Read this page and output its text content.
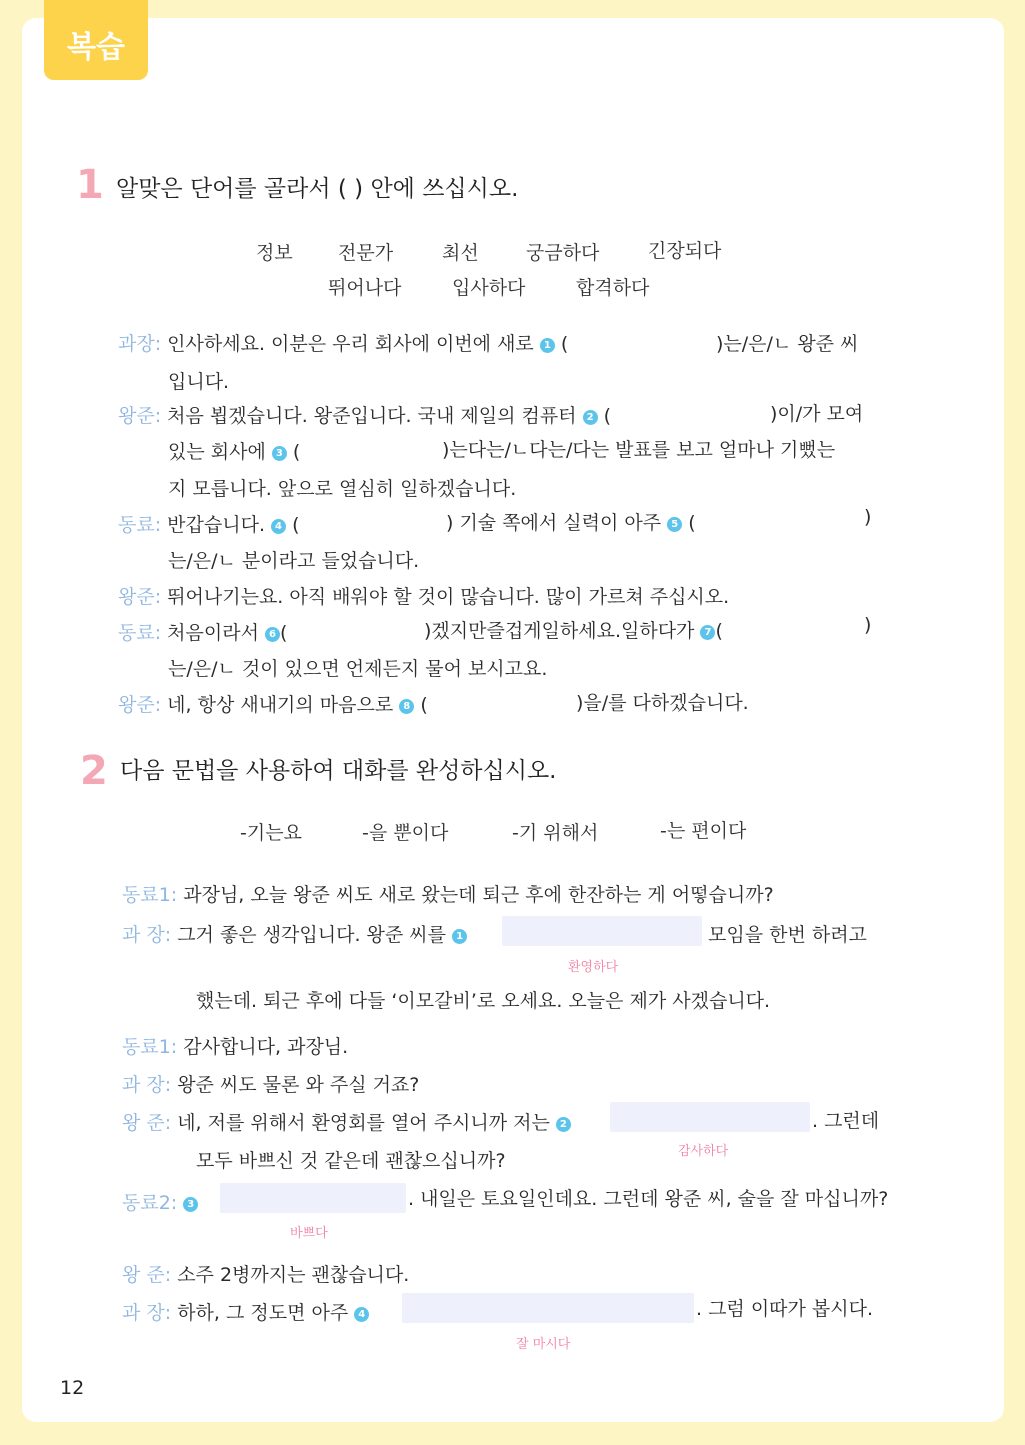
복습
1 알맞은 단어를 골라서 ( ) 안에 쓰십시오.
정보 전문가	최선 궁금하다	긴장되다
뛰어나다	입사하다	합격하다
과장: 인사하세요. 이분은 우리 회사에 이번에 새로 1 (	)는/은/ㄴ 왕준 씨
입니다.
왕준: 처음 뵙겠습니다. 왕준입니다. 국내 제일의 컴퓨터 2 (	)이/가 모여
있는 회사에 3 (	)는다는/ㄴ다는/다는 발표를 보고 얼마나 기뻤는
지 모릅니다. 앞으로 열심히 일하겠습니다.
동료: 반갑습니다. 4 (	) 기술 쪽에서 실력이 아주 5 (	)
는/은/ㄴ 분이라고 들었습니다.
왕준: 뛰어나기는요. 아직 배워야 할 것이 많습니다. 많이 가르쳐 주십시오.
동료: 처음이라서 6 (	)겠지만즐겁게일하세요.일하다가 7 (	)
는/은/ㄴ 것이 있으면 언제든지 물어 보시고요.
왕준: 네, 항상 새내기의 마음으로 8 (	)을/를 다하겠습니다.
2 다음 문법을 사용하여 대화를 완성하십시오.
-기는요	-을 뿐이다	-기 위해서	-는 편이다
동료1: 과장님, 오늘 왕준 씨도 새로 왔는데 퇴근 후에 한잔하는 게 어떻습니까?
과 장: 그거 좋은 생각입니다. 왕준 씨를 1	모임을 한번 하려고
환영하다
했는데. 퇴근 후에 다들 ‘이모갈비’로 오세요. 오늘은 제가 사겠습니다.
동료1: 감사합니다, 과장님.
과 장: 왕준 씨도 물론 와 주실 거죠?
왕 준: 네, 저를 위해서 환영회를 열어 주시니까 저는 2	. 그런데
감사하다
모두 바쁘신 것 같은데 괜찮으십니까?
동료2: 3	. 내일은 토요일인데요. 그런데 왕준 씨, 술을 잘 마십니까?
바쁘다
왕 준: 소주 2병까지는 괜찮습니다.
과 장: 하하, 그 정도면 아주 4	. 그럼 이따가 봅시다.
잘 마시다
12
